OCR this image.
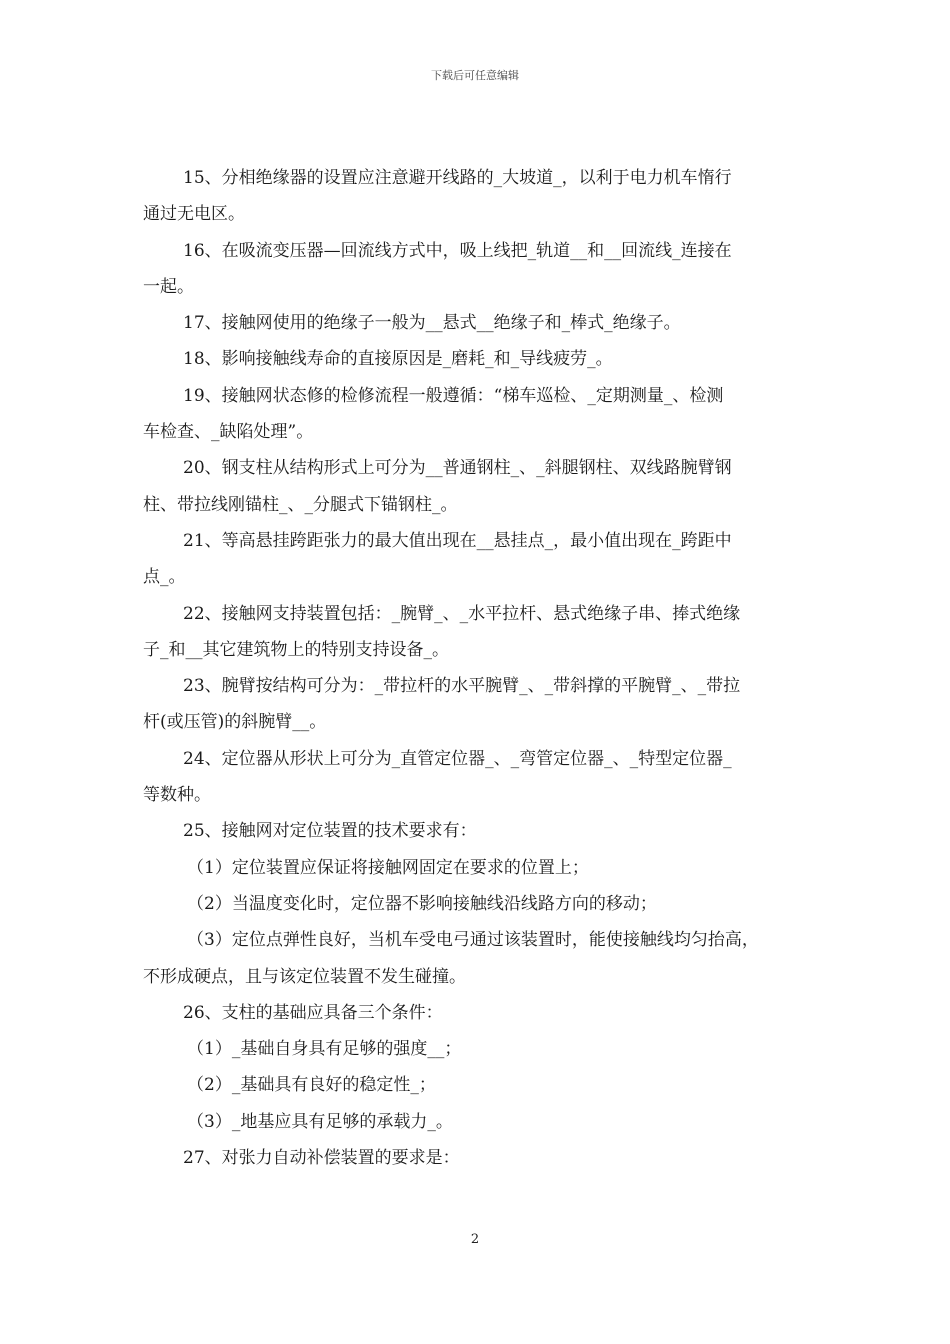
下载后可任意编辑

15、分相绝缘器的设置应注意避开线路的_大坡道_，以利于电力机车惰行

通过无电区。

16、在吸流变压器—回流线方式中，吸上线把_轨道__和__回流线_连接在

一起。

17、接触网使用的绝缘子一般为__悬式__绝缘子和_棒式_绝缘子。

18、影响接触线寿命的直接原因是_磨耗_和_导线疲劳_。

19、接触网状态修的检修流程一般遵循：“梯车巡检、_定期测量_、检测

车检查、_缺陷处理”。

20、钢支柱从结构形式上可分为__普通钢柱_、_斜腿钢柱、双线路腕臂钢

柱、带拉线刚锚柱_、_分腿式下锚钢柱_。

21、等高悬挂跨距张力的最大值出现在__悬挂点_，最小值出现在_跨距中

点_。

22、接触网支持装置包括：_腕臂_、_水平拉杆、悬式绝缘子串、捧式绝缘

子_和__其它建筑物上的特别支持设备_。

23、腕臂按结构可分为：_带拉杆的水平腕臂_、_带斜撑的平腕臂_、_带拉

杆(或压管)的斜腕臂__。

24、定位器从形状上可分为_直管定位器_、_弯管定位器_、_特型定位器_

等数种。

25、接触网对定位装置的技术要求有：

（1）定位装置应保证将接触网固定在要求的位置上；

（2）当温度变化时，定位器不影响接触线沿线路方向的移动；

（3）定位点弹性良好，当机车受电弓通过该装置时，能使接触线均匀抬高，

不形成硬点，且与该定位装置不发生碰撞。

26、支柱的基础应具备三个条件：

（1）_基础自身具有足够的强度__；

（2）_基础具有良好的稳定性_；

（3）_地基应具有足够的承载力_。

27、对张力自动补偿装置的要求是：

2
